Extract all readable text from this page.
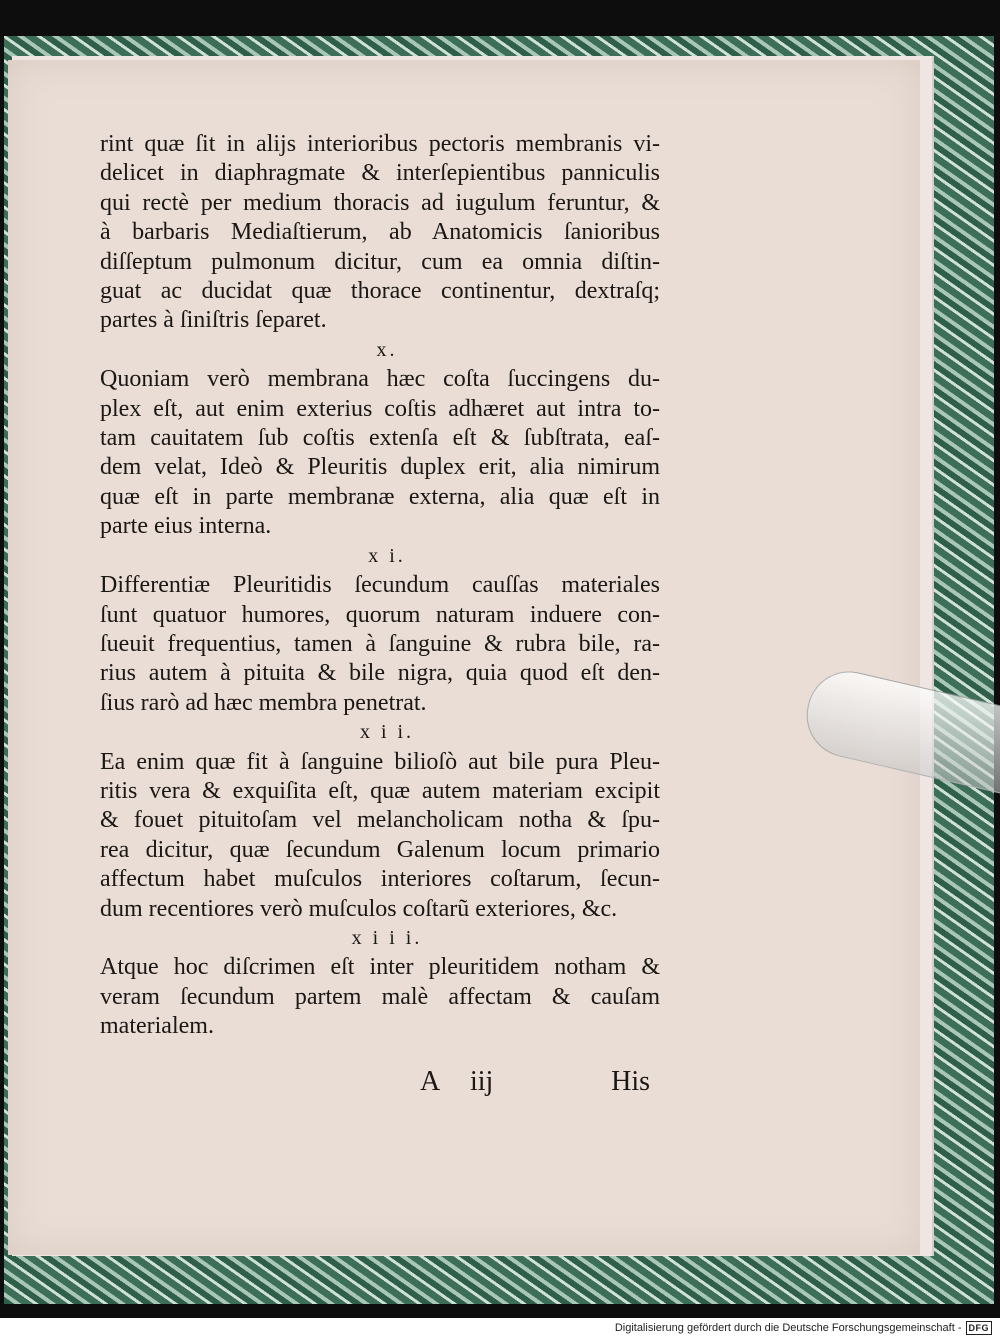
rint quæ ſit in alijs interioribus pectoris membranis vi-
delicet in diaphragmate & interſepientibus panniculis
qui rectè per medium thoracis ad iugulum feruntur, &
à barbaris Mediaſtierum, ab Anatomicis ſanioribus
diſſeptum pulmonum dicitur, cum ea omnia diſtin-
guat ac ducidat quæ thorace continentur, dextraſq;
partes à ſiniſtris ſeparet.
x.
Quoniam verò membrana hæc coſta ſuccingens du-
plex eſt, aut enim exterius coſtis adhæret aut intra to-
tam cauitatem ſub coſtis extenſa eſt & ſubſtrata, eaſ-
dem velat, Ideò & Pleuritis duplex erit, alia nimirum
quæ eſt in parte membranæ externa, alia quæ eſt in
parte eius interna.
x i.
Differentiæ Pleuritidis ſecundum cauſſas materiales
ſunt quatuor humores, quorum naturam induere con-
ſueuit frequentius, tamen à ſanguine & rubra bile, ra-
rius autem à pituita & bile nigra, quia quod eſt den-
ſius rarò ad hæc membra penetrat.
x i i.
Ea enim quæ fit à ſanguine bilioſò aut bile pura Pleu-
ritis vera & exquiſita eſt, quæ autem materiam excipit
& fouet pituitoſam vel melancholicam notha & ſpu-
rea dicitur, quæ ſecundum Galenum locum primario
affectum habet muſculos interiores coſtarum, ſecun-
dum recentiores verò muſculos coſtarũ exteriores, &c.
x i i i.
Atque hoc diſcrimen eſt inter pleuritidem notham &
veram ſecundum partem malè affectam & cauſam
materialem.
A iij	His
Digitalisierung gefördert durch die Deutsche Forschungsgemeinschaft - DFG
